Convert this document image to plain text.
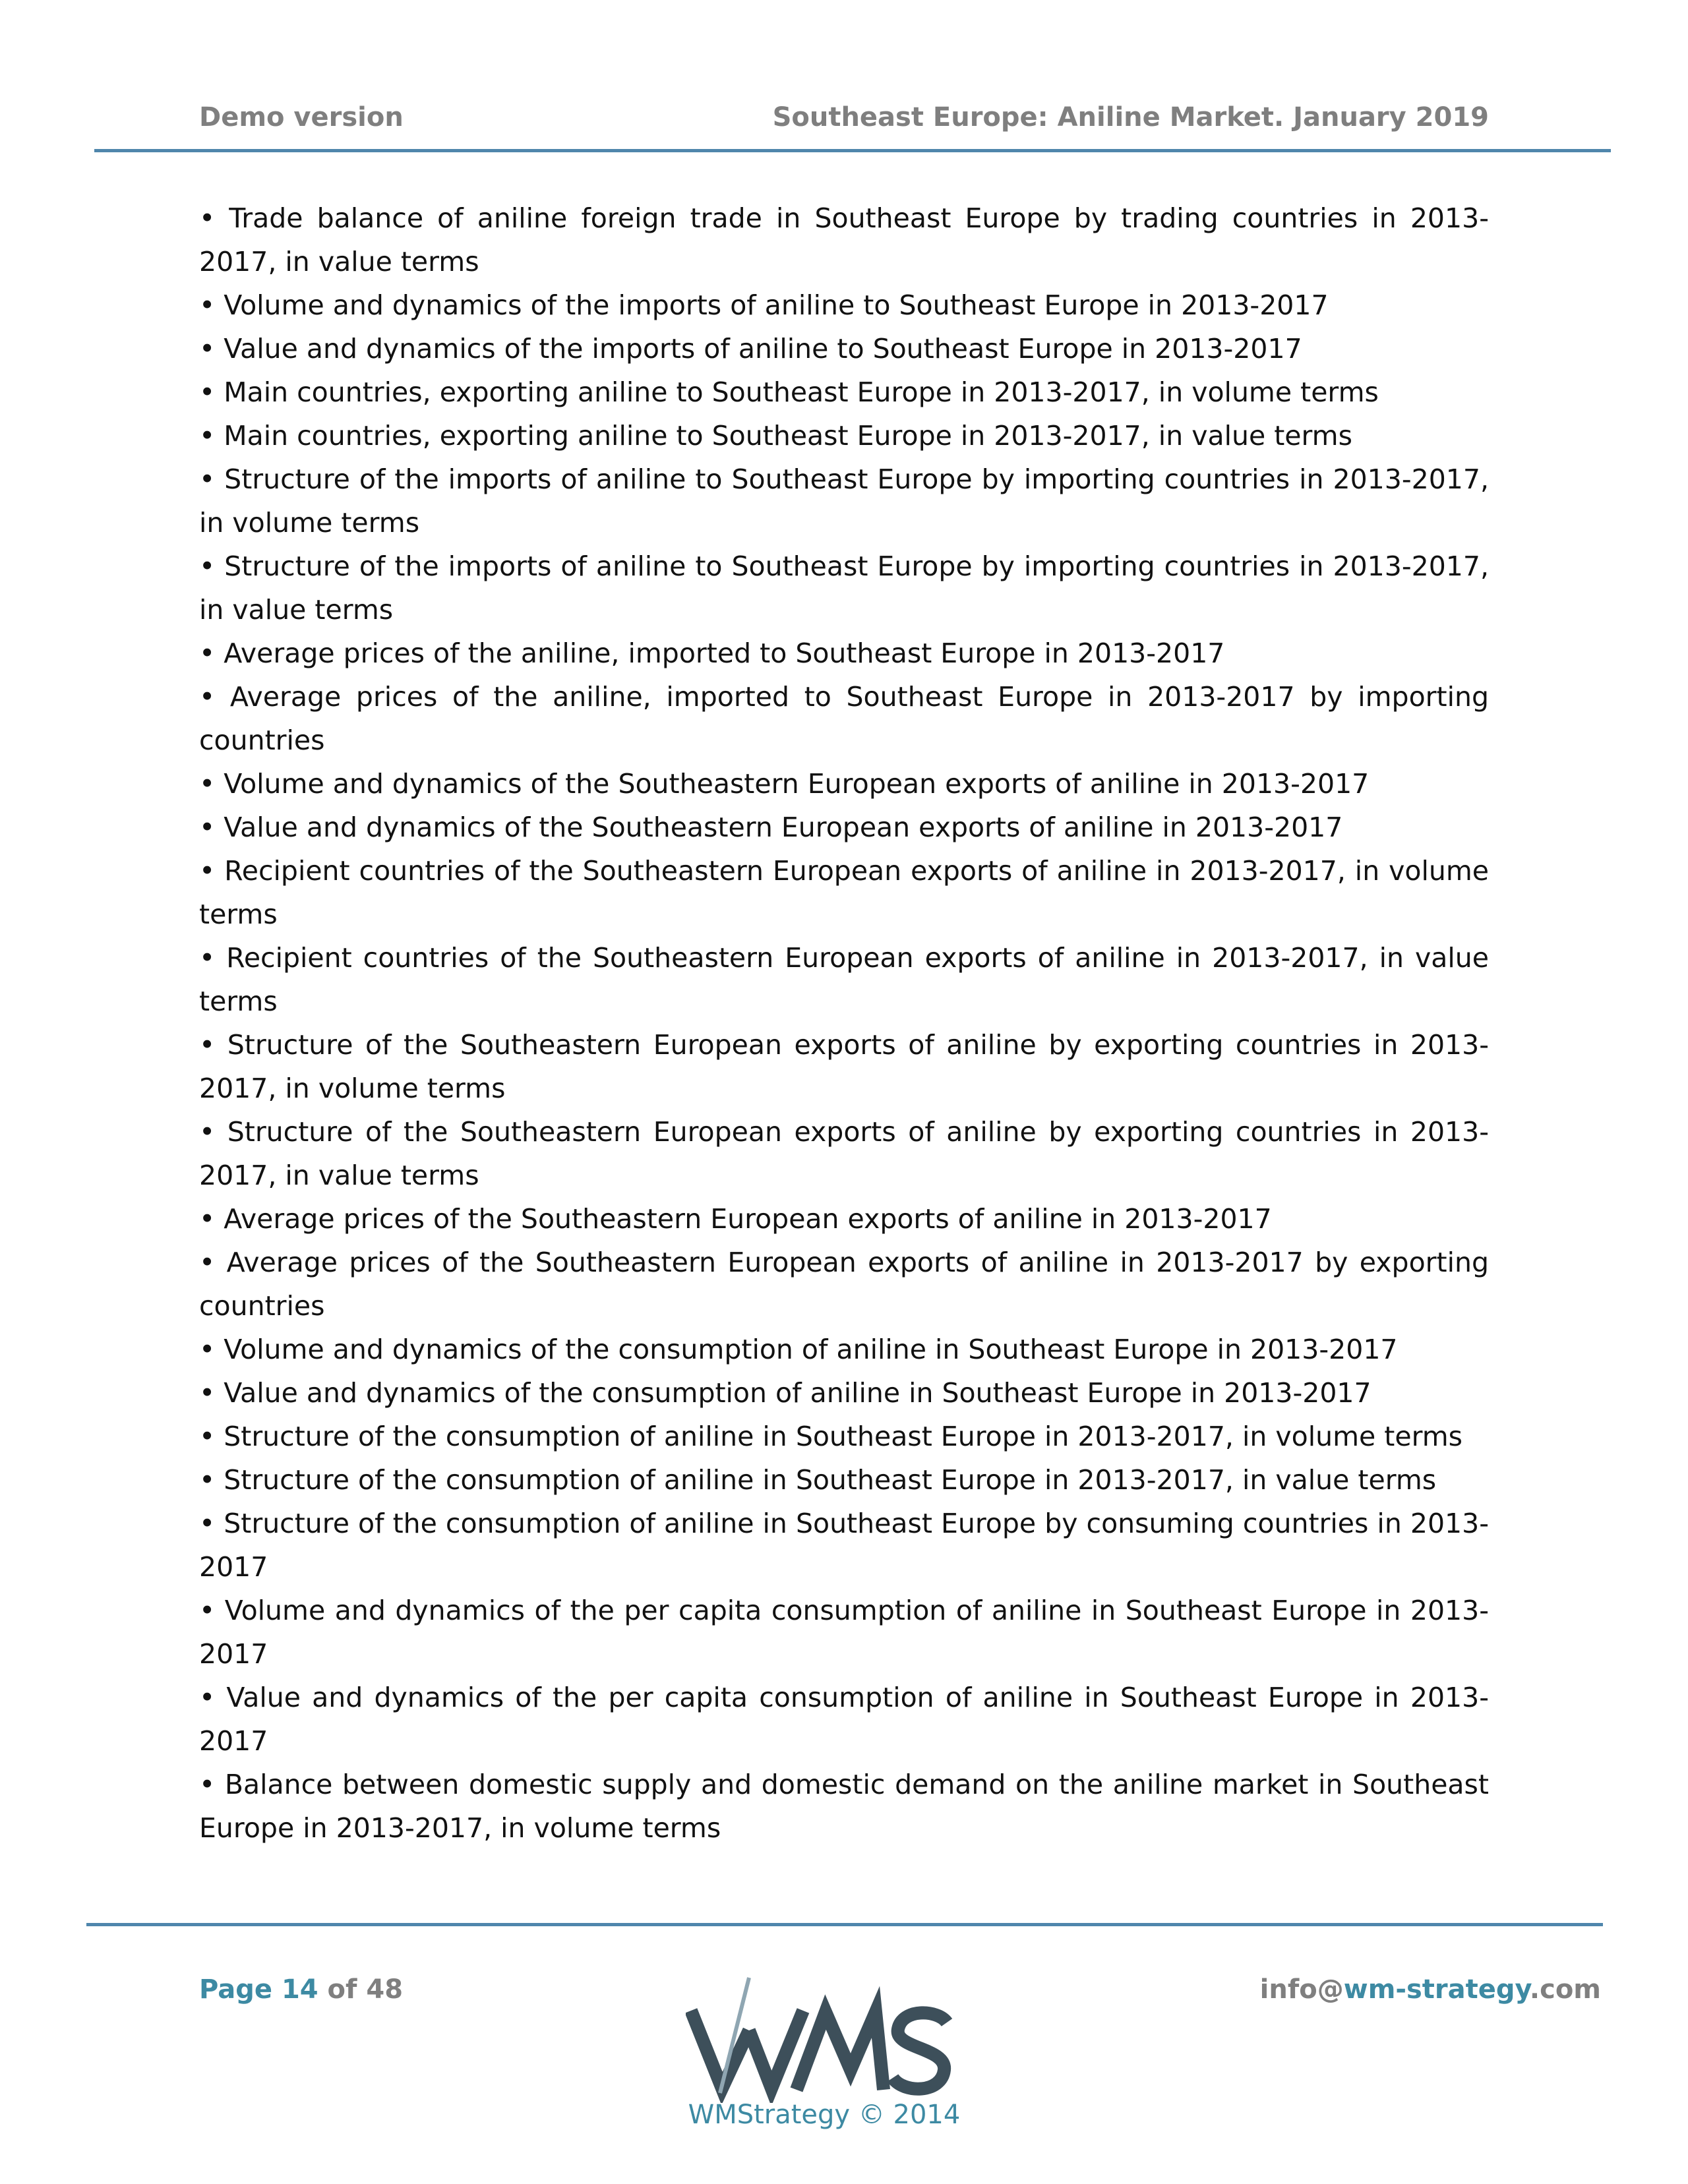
Demo version	Southeast Europe: Aniline Market. January 2019

• Trade balance of aniline foreign trade in Southeast Europe by trading countries in 2013-2017, in value terms

• Volume and dynamics of the imports of aniline to Southeast Europe in 2013-2017

• Value and dynamics of the imports of aniline to Southeast Europe in 2013-2017

• Main countries, exporting aniline to Southeast Europe in 2013-2017, in volume terms

• Main countries, exporting aniline to Southeast Europe in 2013-2017, in value terms

• Structure of the imports of aniline to Southeast Europe by importing countries in 2013-2017, in volume terms

• Structure of the imports of aniline to Southeast Europe by importing countries in 2013-2017, in value terms

• Average prices of the aniline, imported to Southeast Europe in 2013-2017

• Average prices of the aniline, imported to Southeast Europe in 2013-2017 by importing countries

• Volume and dynamics of the Southeastern European exports of aniline in 2013-2017

• Value and dynamics of the Southeastern European exports of aniline in 2013-2017

• Recipient countries of the Southeastern European exports of aniline in 2013-2017, in volume terms

• Recipient countries of the Southeastern European exports of aniline in 2013-2017, in value terms

• Structure of the Southeastern European exports of aniline by exporting countries in 2013-2017, in volume terms

• Structure of the Southeastern European exports of aniline by exporting countries in 2013-2017, in value terms

• Average prices of the Southeastern European exports of aniline in 2013-2017

• Average prices of the Southeastern European exports of aniline in 2013-2017 by exporting countries

• Volume and dynamics of the consumption of aniline in Southeast Europe in 2013-2017

• Value and dynamics of the consumption of aniline in Southeast Europe in 2013-2017

• Structure of the consumption of aniline in Southeast Europe in 2013-2017, in volume terms

• Structure of the consumption of aniline in Southeast Europe in 2013-2017, in value terms

• Structure of the consumption of aniline in Southeast Europe by consuming countries in 2013-2017

• Volume and dynamics of the per capita consumption of aniline in Southeast Europe in 2013-2017

• Value and dynamics of the per capita consumption of aniline in Southeast Europe in 2013-2017

• Balance between domestic supply and domestic demand on the aniline market in Southeast Europe in 2013-2017, in volume terms

Page 14 of 48
WMStrategy © 2014
info@wm-strategy.com
